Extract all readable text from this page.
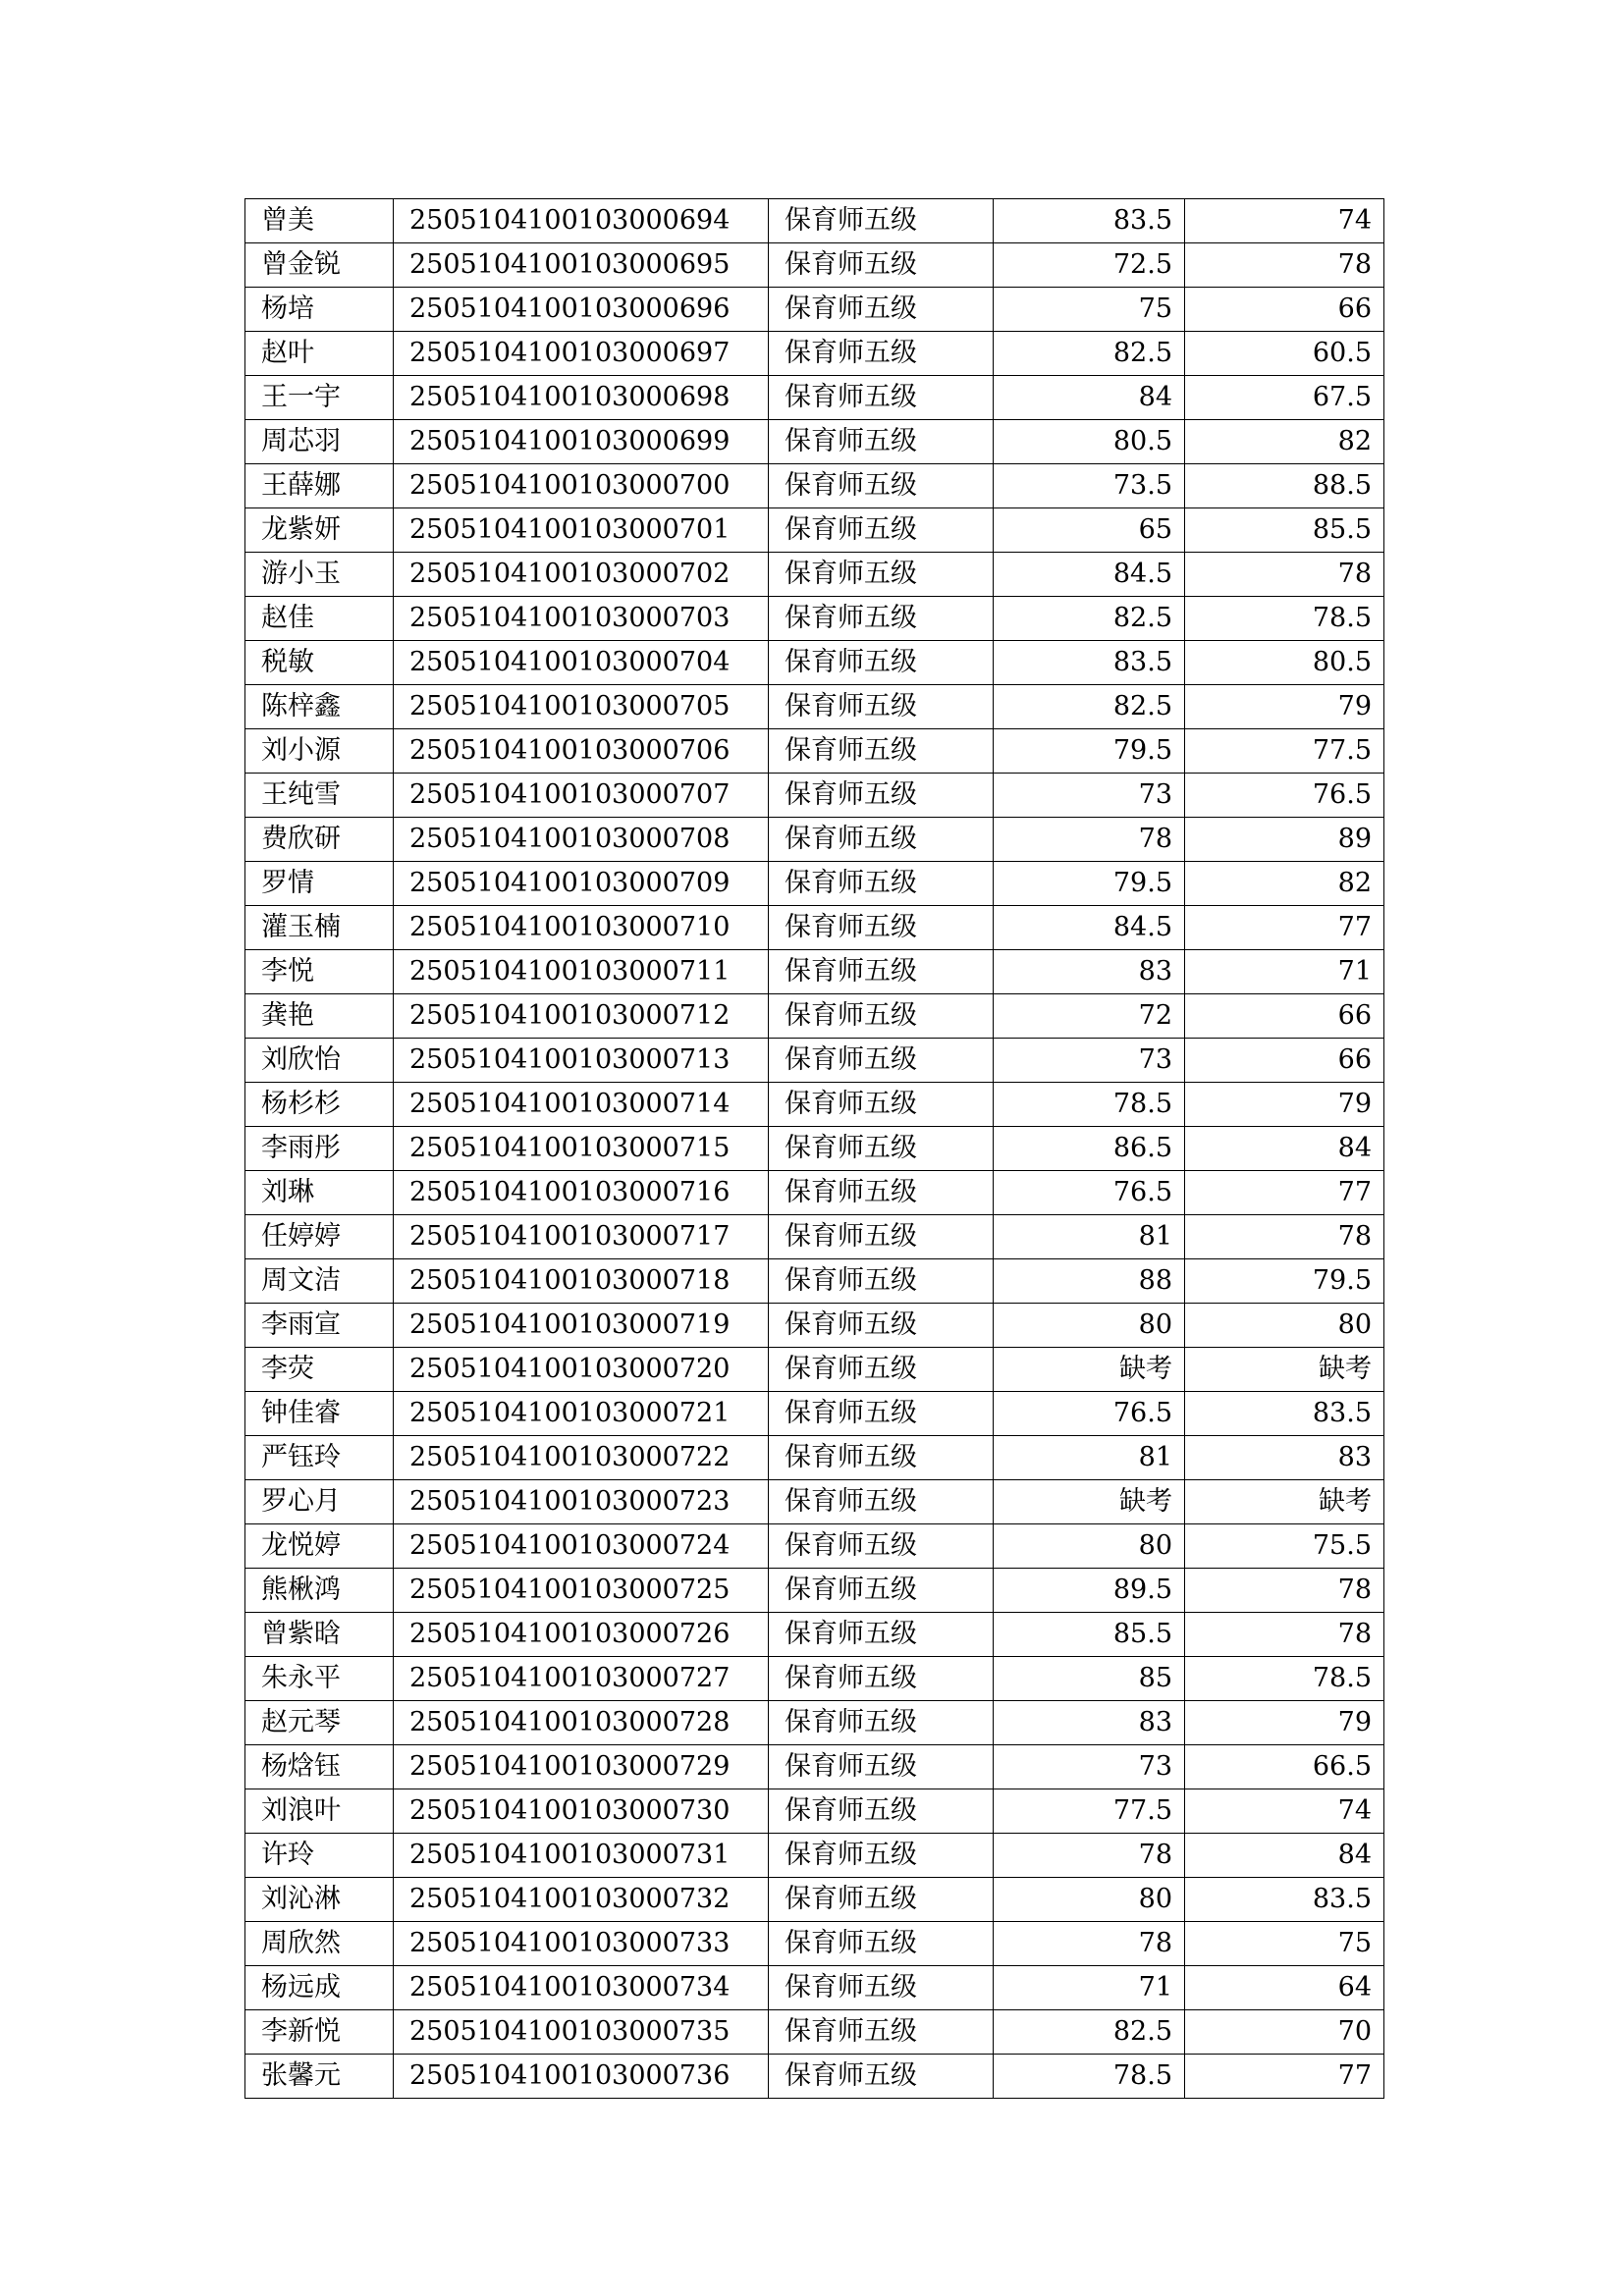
曾美	2505104100103000694	保育师五级	83.5	74
曾金锐	2505104100103000695	保育师五级	72.5	78
杨培	2505104100103000696	保育师五级	75	66
赵叶	2505104100103000697	保育师五级	82.5	60.5
王一宇	2505104100103000698	保育师五级	84	67.5
周芯羽	2505104100103000699	保育师五级	80.5	82
王薛娜	2505104100103000700	保育师五级	73.5	88.5
龙紫妍	2505104100103000701	保育师五级	65	85.5
游小玉	2505104100103000702	保育师五级	84.5	78
赵佳	2505104100103000703	保育师五级	82.5	78.5
税敏	2505104100103000704	保育师五级	83.5	80.5
陈梓鑫	2505104100103000705	保育师五级	82.5	79
刘小源	2505104100103000706	保育师五级	79.5	77.5
王纯雪	2505104100103000707	保育师五级	73	76.5
费欣研	2505104100103000708	保育师五级	78	89
罗情	2505104100103000709	保育师五级	79.5	82
灌玉楠	2505104100103000710	保育师五级	84.5	77
李悦	2505104100103000711	保育师五级	83	71
龚艳	2505104100103000712	保育师五级	72	66
刘欣怡	2505104100103000713	保育师五级	73	66
杨杉杉	2505104100103000714	保育师五级	78.5	79
李雨彤	2505104100103000715	保育师五级	86.5	84
刘琳	2505104100103000716	保育师五级	76.5	77
任婷婷	2505104100103000717	保育师五级	81	78
周文洁	2505104100103000718	保育师五级	88	79.5
李雨宣	2505104100103000719	保育师五级	80	80
李荧	2505104100103000720	保育师五级	缺考	缺考
钟佳睿	2505104100103000721	保育师五级	76.5	83.5
严钰玲	2505104100103000722	保育师五级	81	83
罗心月	2505104100103000723	保育师五级	缺考	缺考
龙悦婷	2505104100103000724	保育师五级	80	75.5
熊楸鸿	2505104100103000725	保育师五级	89.5	78
曾紫晗	2505104100103000726	保育师五级	85.5	78
朱永平	2505104100103000727	保育师五级	85	78.5
赵元琴	2505104100103000728	保育师五级	83	79
杨焓钰	2505104100103000729	保育师五级	73	66.5
刘浪叶	2505104100103000730	保育师五级	77.5	74
许玲	2505104100103000731	保育师五级	78	84
刘沁淋	2505104100103000732	保育师五级	80	83.5
周欣然	2505104100103000733	保育师五级	78	75
杨远成	2505104100103000734	保育师五级	71	64
李新悦	2505104100103000735	保育师五级	82.5	70
张馨元	2505104100103000736	保育师五级	78.5	77
